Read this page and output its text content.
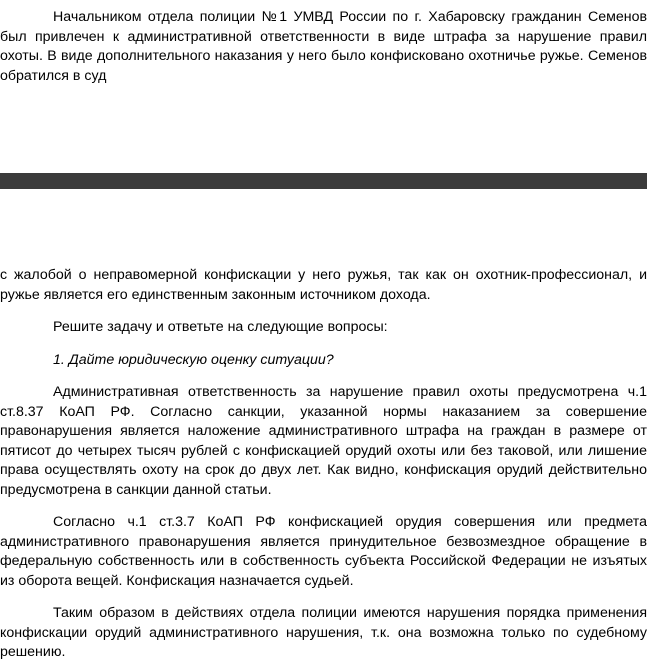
Начальником отдела полиции №1 УМВД России по г. Хабаровску гражданин Семенов был привлечен к административной ответственности в виде штрафа за нарушение правил охоты. В виде дополнительного наказания у него было конфисковано охотничье ружье. Семенов обратился в суд

с жалобой о неправомерной конфискации у него ружья, так как он охотник-профессионал, и ружье является его единственным законным источником дохода.

Решите задачу и ответьте на следующие вопросы:

1. Дайте юридическую оценку ситуации?

Административная ответственность за нарушение правил охоты предусмотрена ч.1 ст.8.37 КоАП РФ. Согласно санкции, указанной нормы наказанием за совершение правонарушения является наложение административного штрафа на граждан в размере от пятисот до четырех тысяч рублей с конфискацией орудий охоты или без таковой, или лишение права осуществлять охоту на срок до двух лет. Как видно, конфискация орудий действительно предусмотрена в санкции данной статьи.

Согласно ч.1 ст.3.7 КоАП РФ конфискацией орудия совершения или предмета административного правонарушения является принудительное безвозмездное обращение в федеральную собственность или в собственность субъекта Российской Федерации не изъятых из оборота вещей. Конфискация назначается судьей.

Таким образом в действиях отдела полиции имеются нарушения порядка применения конфискации орудий административного нарушения, т.к. она возможна только по судебному решению.
